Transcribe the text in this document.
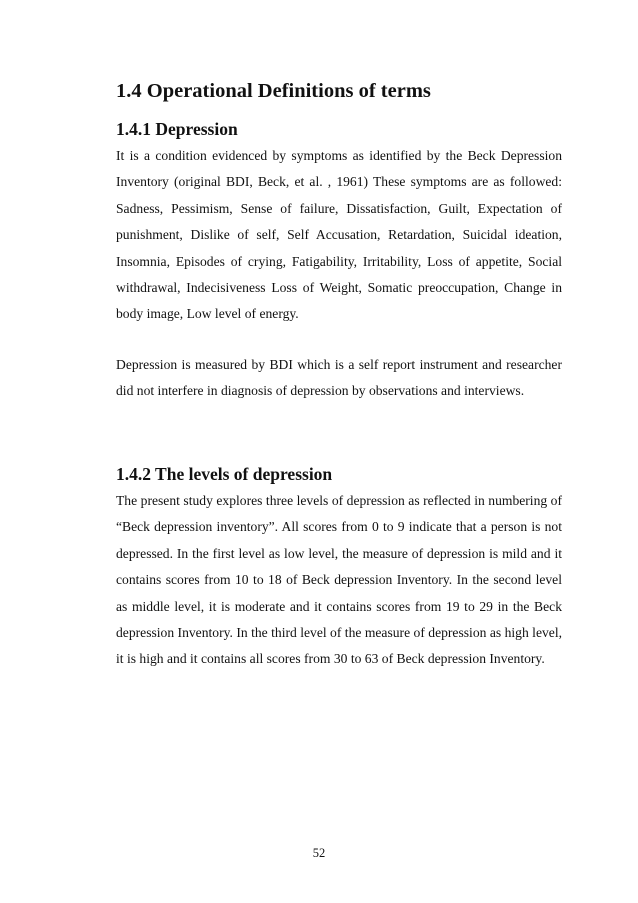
1.4 Operational Definitions of terms
1.4.1 Depression

It is a condition evidenced by symptoms as identified by the Beck Depression Inventory (original BDI, Beck, et al. , 1961) These symptoms are as followed: Sadness, Pessimism, Sense of failure, Dissatisfaction, Guilt, Expectation of punishment, Dislike of self, Self Accusation, Retardation, Suicidal ideation, Insomnia, Episodes of crying, Fatigability, Irritability, Loss of appetite, Social withdrawal, Indecisiveness Loss of Weight, Somatic preoccupation, Change in body image, Low level of energy.

Depression is measured by BDI which is a self report instrument and researcher did not interfere in diagnosis of depression by observations and interviews.

1.4.2 The levels of depression

The present study explores three levels of depression as reflected in numbering of “Beck depression inventory”. All scores from 0 to 9 indicate that a person is not depressed. In the first level as low level, the measure of depression is mild and it contains scores from 10 to 18 of Beck depression Inventory. In the second level as middle level, it is moderate and it contains scores from 19 to 29 in the Beck depression Inventory. In the third level of the measure of depression as high level, it is high and it contains all scores from 30 to 63 of Beck depression Inventory.

52
